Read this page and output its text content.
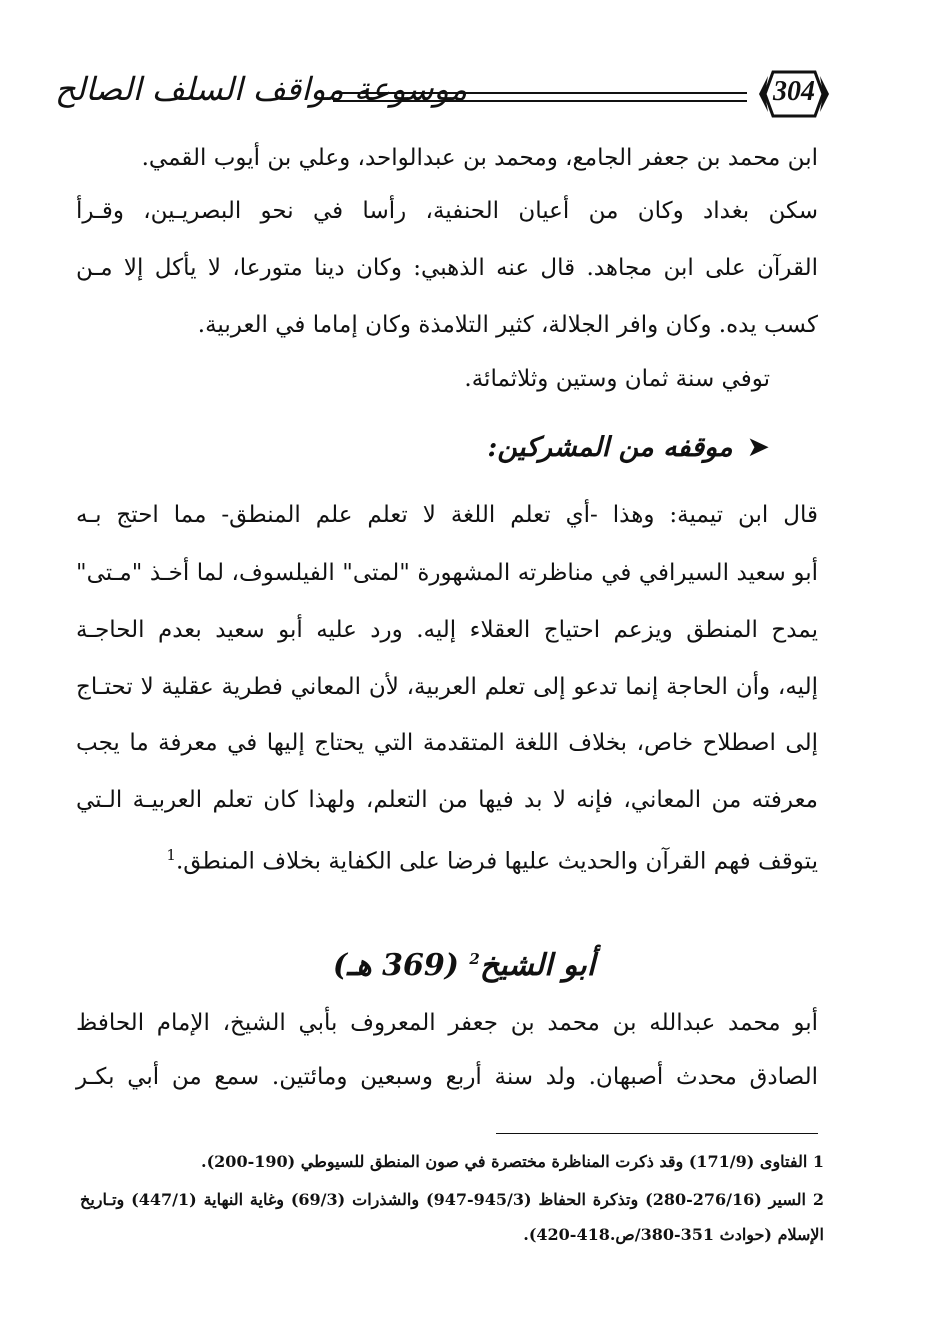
موسوعة مواقف السلف الصالح	304
ابن محمد بن جعفر الجامع، ومحمد بن عبدالواحد، وعلي بن أيوب القمي.
سكن بغداد وكان من أعيان الحنفية، رأسا في نحو البصريـين، وقـرأ
القرآن على ابن مجاهد. قال عنه الذهبي: وكان دينا متورعا، لا يأكل إلا مـن
كسب يده. وكان وافر الجلالة، كثير التلامذة وكان إماما في العربية.
توفي سنة ثمان وستين وثلاثمائة.
➤موقفه من المشركين:
قال ابن تيمية: وهذا -أي تعلم اللغة لا تعلم علم المنطق- مما احتج بـه
أبو سعيد السيرافي في مناظرته المشهورة "لمتى" الفيلسوف، لما أخـذ "مـتى"
يمدح المنطق ويزعم احتياج العقلاء إليه. ورد عليه أبو سعيد بعدم الحاجـة
إليه، وأن الحاجة إنما تدعو إلى تعلم العربية، لأن المعاني فطرية عقلية لا تحتـاج
إلى اصطلاح خاص، بخلاف اللغة المتقدمة التي يحتاج إليها في معرفة ما يجب
معرفته من المعاني، فإنه لا بد فيها من التعلم، ولهذا كان تعلم العربيـة الـتي
يتوقف فهم القرآن والحديث عليها فرضا على الكفاية بخلاف المنطق.$^1$
أبو الشيخ$^2$ (369 هـ)
أبو محمد عبدالله بن محمد بن جعفر المعروف بأبي الشيخ، الإمام الحافظ
الصادق محدث أصبهان. ولد سنة أربع وسبعين ومائتين. سمع من أبي بكـر
1 الفتاوى (171/9) وقد ذكرت المناظرة مختصرة في صون المنطق للسيوطي (190-200).
2 السير (276/16-280) وتذكرة الحفاظ (945/3-947) والشذرات (69/3) وغاية النهاية (447/1) وتـاريخ
الإسلام (حوادث 351-380/ص.418-420).
